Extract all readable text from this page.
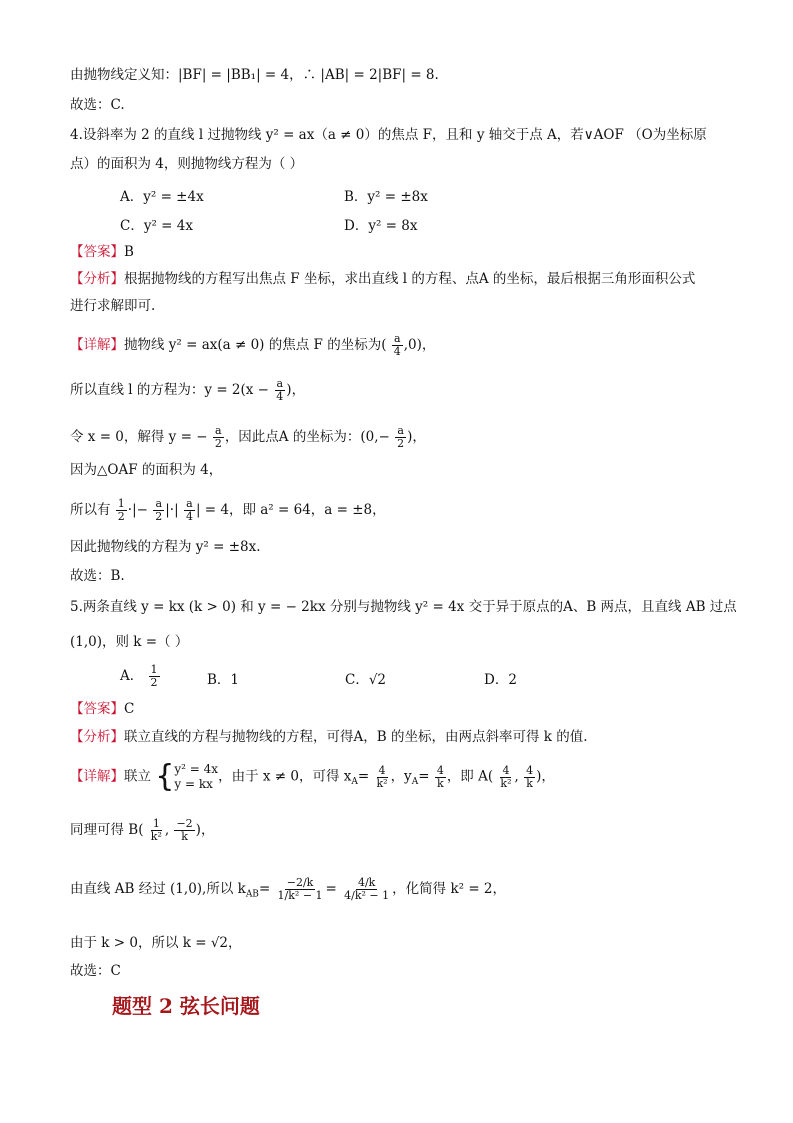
由抛物线定义知：|BF| = |BB₁| = 4，∴ |AB| = 2|BF| = 8.
故选：C.
4.设斜率为 2 的直线 l 过抛物线 y² = ax（a ≠ 0）的焦点 F，且和 y 轴交于点 A，若∨AOF （O为坐标原
点）的面积为 4，则抛物线方程为（ ）
A．y² = ±4x	B．y² = ±8x
C．y² = 4x	D．y² = 8x
【答案】B
【分析】根据抛物线的方程写出焦点 F 坐标，求出直线 l 的方程、点A 的坐标，最后根据三角形面积公式
进行求解即可.
【详解】抛物线 y² = ax(a ≠ 0) 的焦点 F 的坐标为( $\frac{a}{4} ,0$)，
所以直线 l 的方程为：$y = 2(x - \frac{a}{4}$ )，
令 x = 0，解得 y = − $\frac{a}{2}$ ，因此点A 的坐标为：($0,- \frac{a}{2}$ )，
因为△OAF 的面积为 4，
所以有 $\frac{1}{2}$ ·|− $\frac{a}{2}$ |·| $\frac{a}{4}$ | = 4，即 a² = 64，a = ±8，
因此抛物线的方程为 y² = ±8x.
故选：B.
5.两条直线 y = kx (k > 0) 和 y = − 2kx 分别与抛物线 y² = 4x 交于异于原点的A、B 两点，且直线 AB 过点
(1,0)，则 k =（ ）
A． $\frac{1}{2}$	B．1	C．√2	D．2
【答案】C
【分析】联立直线的方程与抛物线的方程，可得A，B 的坐标，由两点斜率可得 k 的值.
【详解】联立 { y² = 4x
y = kx ，由于 x ≠ 0，可得 $x_A= \frac{4}{\text{k²}}$ ，$y_A= \frac{4}{k}$ ，即 $A( \frac{4}{\text{k²}}$ , $\frac{4}{k}$ )，
同理可得 $B( \frac{1}{\text{k²}}$ , $\frac{-2}{k}$ )，
由直线 AB 经过 (1,0),所以 $k_{AB}= \frac{-2/k}{\text{1/k² − 1}} = \frac{4/k}{\text{4/k² − 1}}$ ，化简得 k² = 2，
由于 k > 0，所以 k = √2，
故选：C
题型 2 弦长问题
